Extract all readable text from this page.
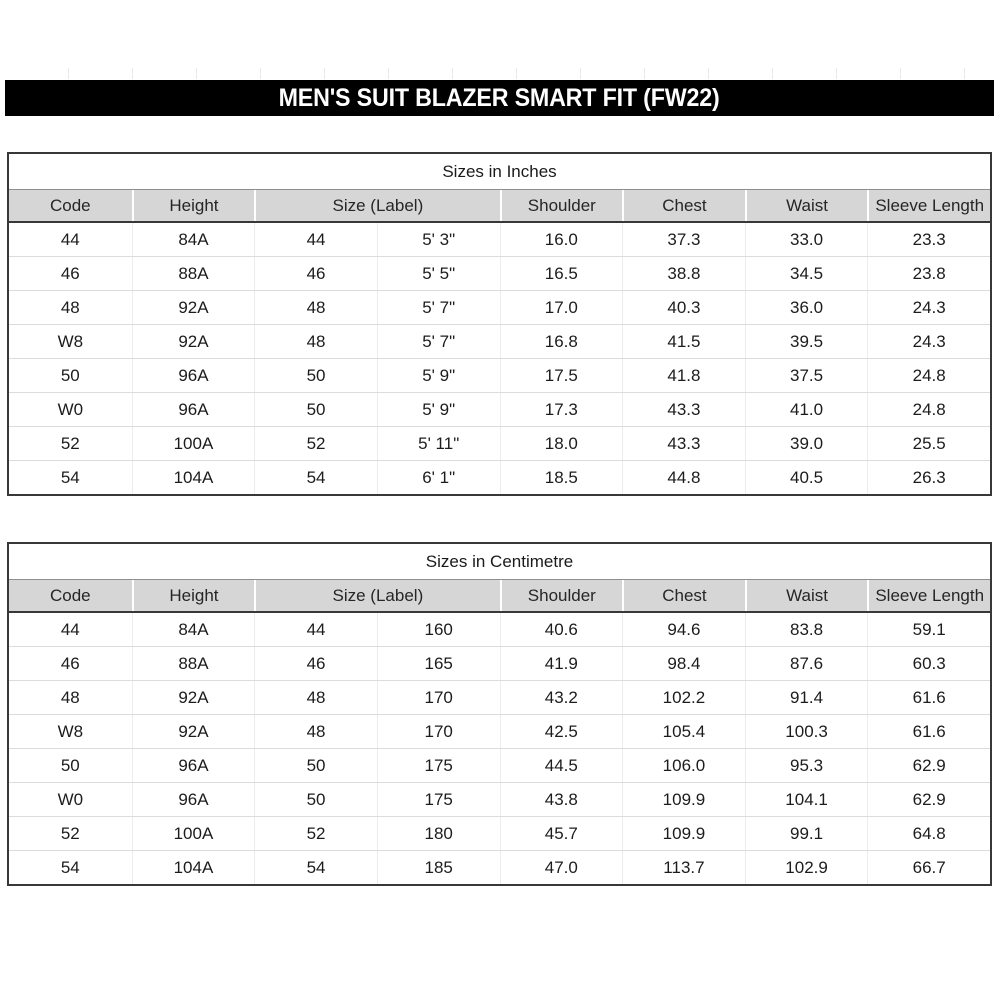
MEN'S SUIT BLAZER SMART FIT (FW22)
Sizes in Inches
Code	Height	Size (Label)	Shoulder	Chest	Waist	Sleeve Length
44	84A	44	5' 3"	16.0	37.3	33.0	23.3
46	88A	46	5' 5"	16.5	38.8	34.5	23.8
48	92A	48	5' 7"	17.0	40.3	36.0	24.3
W8	92A	48	5' 7"	16.8	41.5	39.5	24.3
50	96A	50	5' 9"	17.5	41.8	37.5	24.8
W0	96A	50	5' 9"	17.3	43.3	41.0	24.8
52	100A	52	5' 11"	18.0	43.3	39.0	25.5
54	104A	54	6' 1"	18.5	44.8	40.5	26.3
Sizes in Centimetre
Code	Height	Size (Label)	Shoulder	Chest	Waist	Sleeve Length
44	84A	44	160	40.6	94.6	83.8	59.1
46	88A	46	165	41.9	98.4	87.6	60.3
48	92A	48	170	43.2	102.2	91.4	61.6
W8	92A	48	170	42.5	105.4	100.3	61.6
50	96A	50	175	44.5	106.0	95.3	62.9
W0	96A	50	175	43.8	109.9	104.1	62.9
52	100A	52	180	45.7	109.9	99.1	64.8
54	104A	54	185	47.0	113.7	102.9	66.7
